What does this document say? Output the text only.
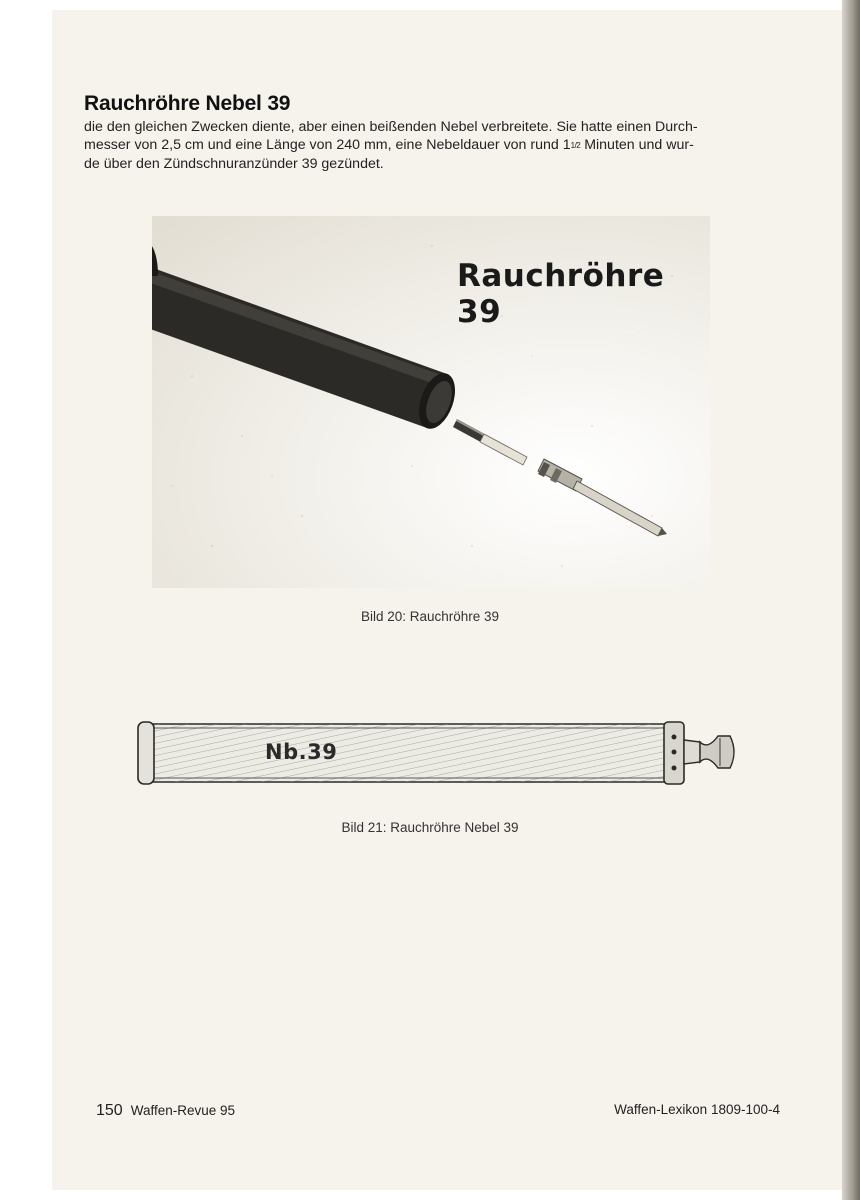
Rauchröhre Nebel 39

die den gleichen Zwecken diente, aber einen beißenden Nebel verbreitete. Sie hatte einen Durch-

messer von 2,5 cm und eine Länge von 240 mm, eine Nebeldauer von rund 11/2 Minuten und wur-

de über den Zündschnuranzünder 39 gezündet.

Rauchröhre 39
Bild 20: Rauchröhre 39
Nb.39
Bild 21: Rauchröhre Nebel 39
150 Waffen-Revue 95	Waffen-Lexikon 1809-100-4
